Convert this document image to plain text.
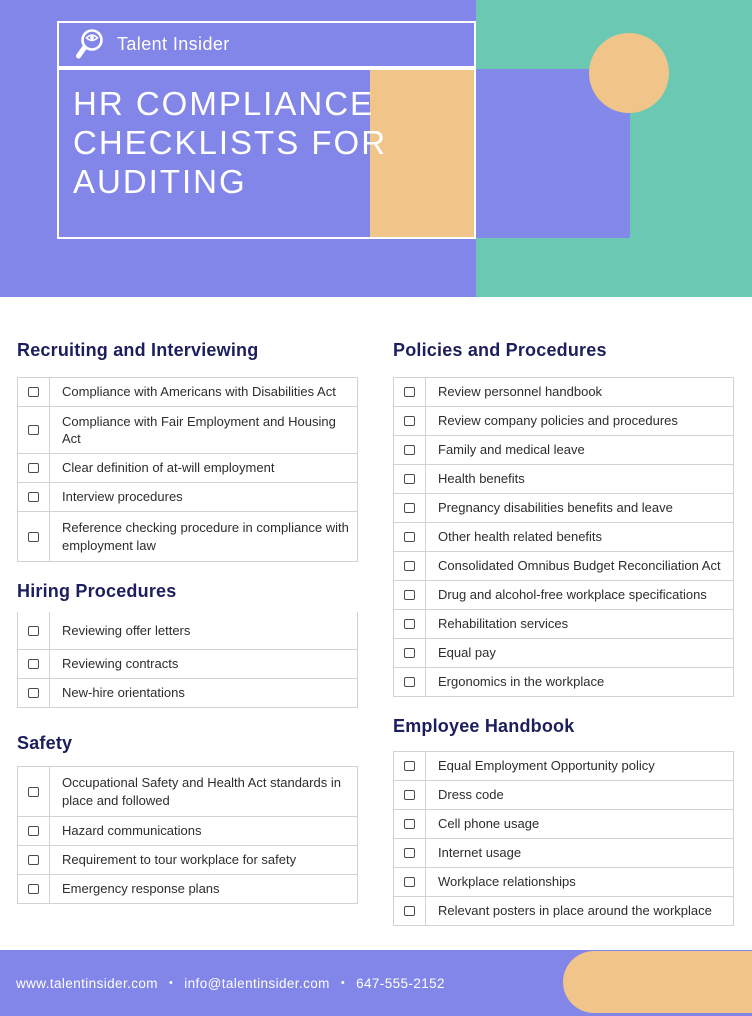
Talent Insider
HR COMPLIANCE
CHECKLISTS FOR
AUDITING
Recruiting and Interviewing
Compliance with Americans with Disabilities Act
Compliance with Fair Employment and Housing Act
Clear definition of at-will employment
Interview procedures
Reference checking procedure in compliance with employment law
Hiring Procedures
Reviewing offer letters
Reviewing contracts
New-hire orientations
Safety
Occupational Safety and Health Act standards in place and followed
Hazard communications
Requirement to tour workplace for safety
Emergency response plans
Policies and Procedures
Review personnel handbook
Review company policies and procedures
Family and medical leave
Health benefits
Pregnancy disabilities benefits and leave
Other health related benefits
Consolidated Omnibus Budget Reconciliation Act
Drug and alcohol-free workplace specifications
Rehabilitation services
Equal pay
Ergonomics in the workplace
Employee Handbook
Equal Employment Opportunity policy
Dress code
Cell phone usage
Internet usage
Workplace relationships
Relevant posters in place around the workplace
www.talentinsider.com • info@talentinsider.com • 647-555-2152
